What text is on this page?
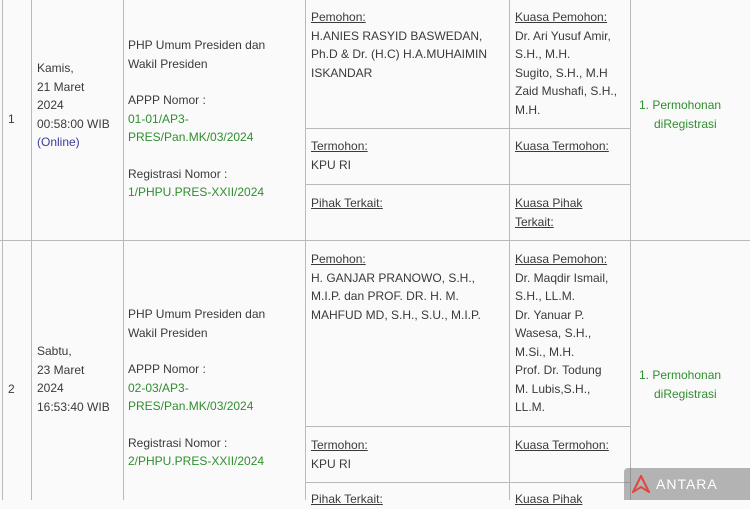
1
Kamis,
21 Maret
2024
00:58:00 WIB
(Online)
PHP Umum Presiden dan
Wakil Presiden
APPP Nomor :
01-01/AP3-
PRES/Pan.MK/03/2024
Registrasi Nomor :
1/PHPU.PRES-XXII/2024
Pemohon:
H.ANIES RASYID BASWEDAN,
Ph.D & Dr. (H.C) H.A.MUHAIMIN
ISKANDAR
Kuasa Pemohon:
Dr. Ari Yusuf Amir,
S.H., M.H.
Sugito, S.H., M.H
Zaid Mushafi, S.H.,
M.H.
Termohon:
KPU RI
Kuasa Termohon:
Pihak Terkait:	Kuasa Pihak
Terkait:
1. Permohonan
diRegistrasi
2
Sabtu,
23 Maret
2024
16:53:40 WIB
PHP Umum Presiden dan
Wakil Presiden
APPP Nomor :
02-03/AP3-
PRES/Pan.MK/03/2024
Registrasi Nomor :
2/PHPU.PRES-XXII/2024
Pemohon:
H. GANJAR PRANOWO, S.H.,
M.I.P. dan PROF. DR. H. M.
MAHFUD MD, S.H., S.U., M.I.P.
Kuasa Pemohon:
Dr. Maqdir Ismail,
S.H., LL.M.
Dr. Yanuar P.
Wasesa, S.H.,
M.Si., M.H.
Prof. Dr. Todung
M. Lubis,S.H.,
LL.M.
Termohon:
KPU RI
Kuasa Termohon:
Pihak Terkait:	Kuasa Pihak
1. Permohonan
diRegistrasi
ANTARA
